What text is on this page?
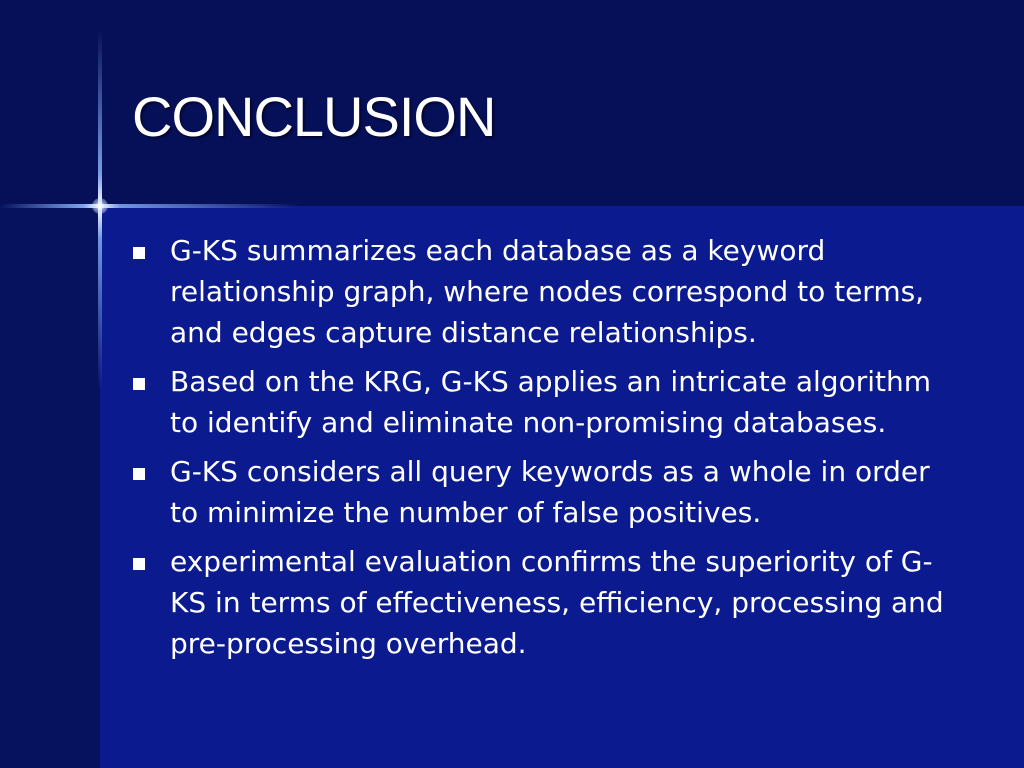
CONCLUSION
G-KS summarizes each database as a keyword relationship graph, where nodes correspond to terms, and edges capture distance relationships.
Based on the KRG, G-KS applies an intricate algorithm to identify and eliminate non-promising databases.
G-KS considers all query keywords as a whole in order to minimize the number of false positives.
experimental evaluation confirms the superiority of G-KS in terms of effectiveness, efficiency, processing and pre-processing overhead.
